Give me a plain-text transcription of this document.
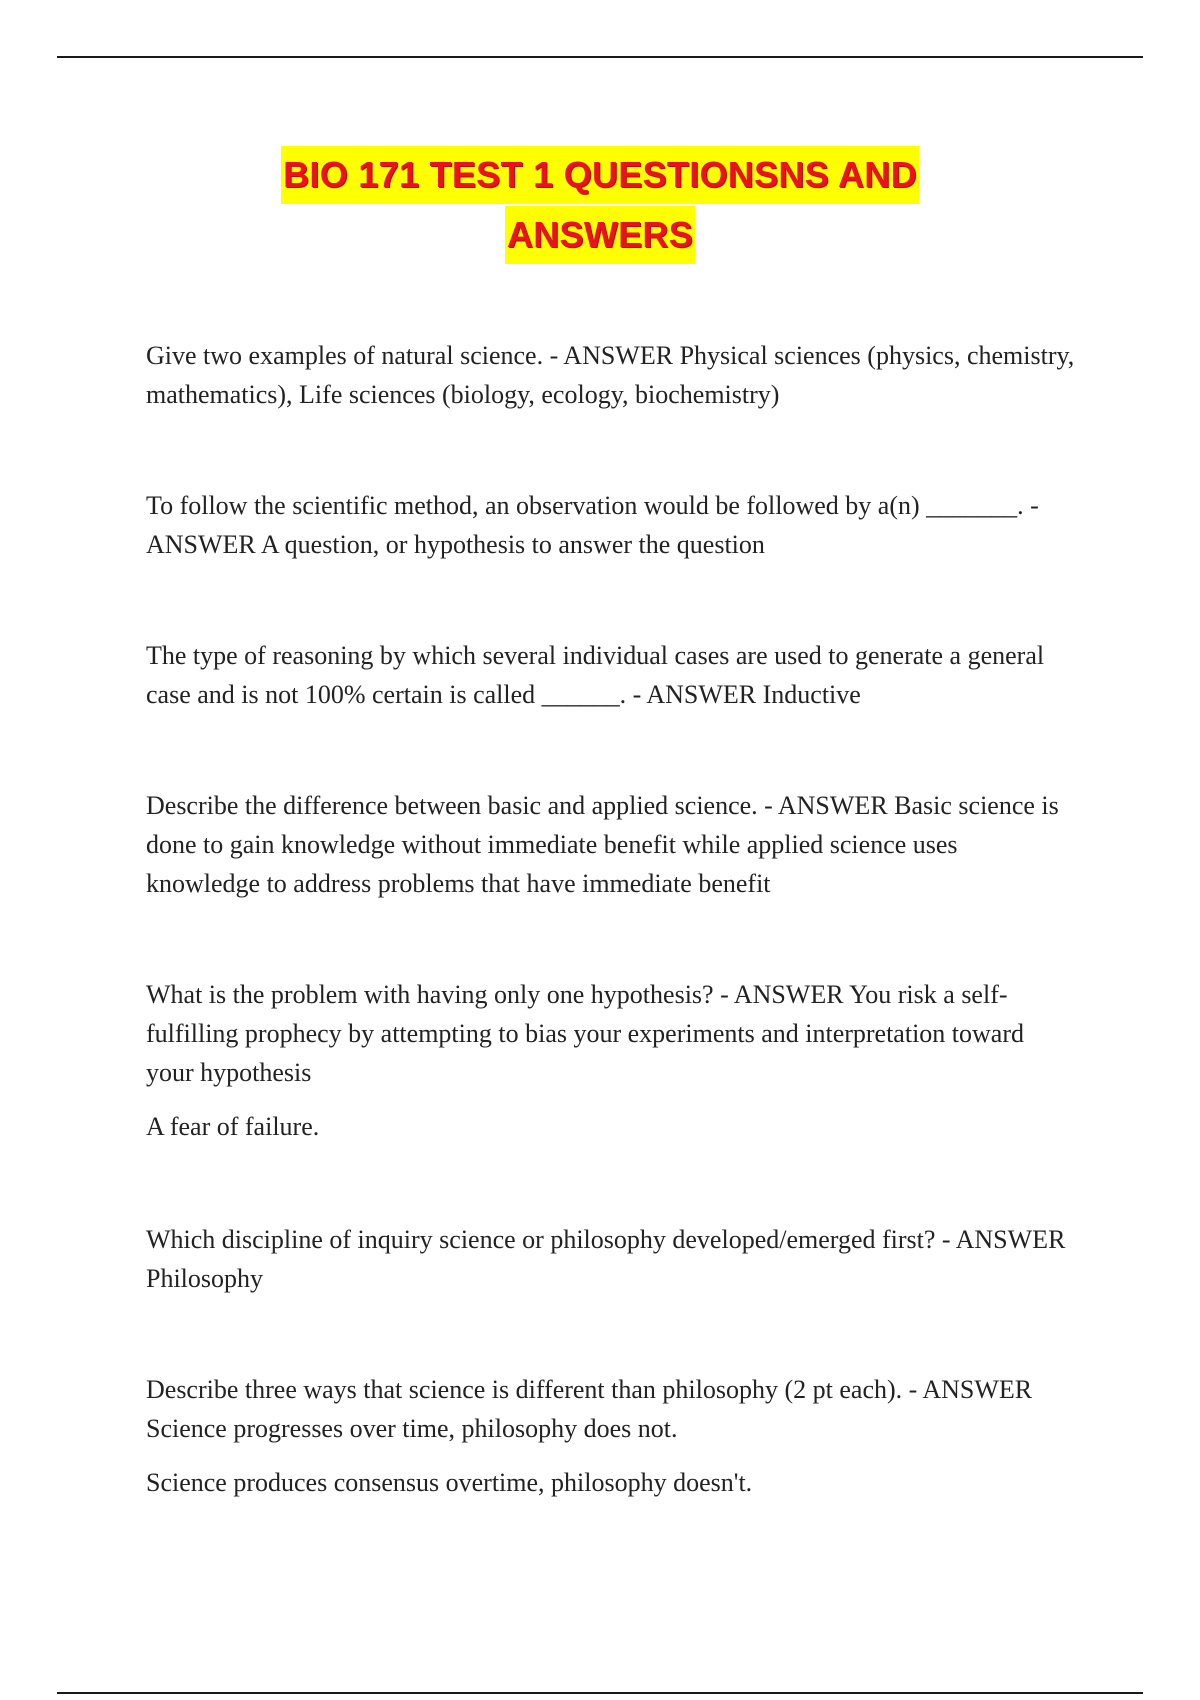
BIO 171 TEST 1 QUESTIONSNS AND
ANSWERS

Give two examples of natural science. - ANSWER Physical sciences (physics, chemistry, mathematics), Life sciences (biology, ecology, biochemistry)

To follow the scientific method, an observation would be followed by a(n) _______. - ANSWER A question, or hypothesis to answer the question

The type of reasoning by which several individual cases are used to generate a general case and is not 100% certain is called ______. - ANSWER Inductive

Describe the difference between basic and applied science. - ANSWER Basic science is done to gain knowledge without immediate benefit while applied science uses knowledge to address problems that have immediate benefit

What is the problem with having only one hypothesis? - ANSWER You risk a self-fulfilling prophecy by attempting to bias your experiments and interpretation toward your hypothesis

A fear of failure.

Which discipline of inquiry science or philosophy developed/emerged first? - ANSWER Philosophy

Describe three ways that science is different than philosophy (2 pt each). - ANSWER Science progresses over time, philosophy does not.

Science produces consensus overtime, philosophy doesn't.
